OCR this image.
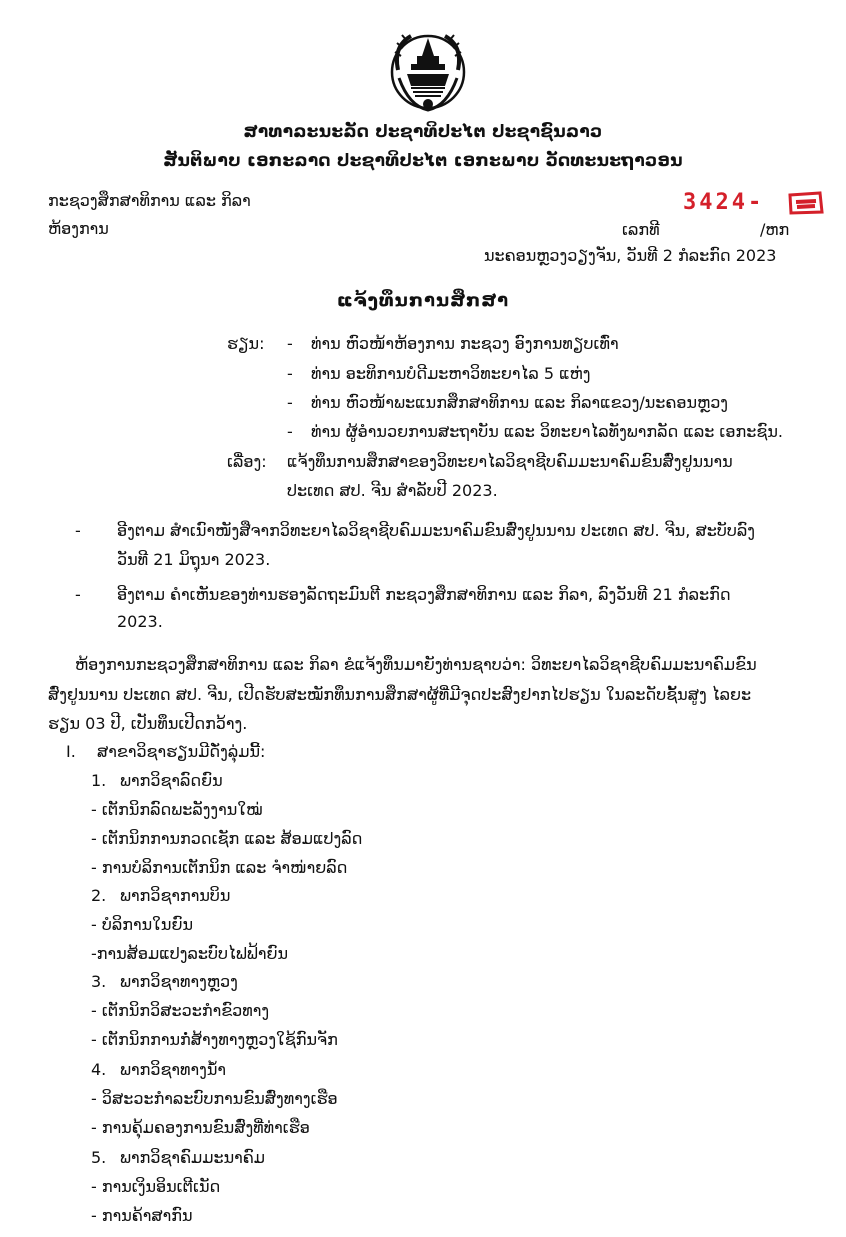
ສາທາລະນະລັດ ປະຊາທິປະໄຕ ປະຊາຊົນລາວ
ສັນຕິພາບ ເອກະລາດ ປະຊາທິປະໄຕ ເອກະພາບ ວັດທະນະຖາວອນ
ກະຊວງສຶກສາທິການ ແລະ ກິລາ
ຫ້ອງການ	ເລກທີ
3424-
/ຫກ
ນະຄອນຫຼວງວຽງຈັນ, ວັນທີ 2 ກໍລະກົດ 2023
ແຈ້ງທຶນການສຶກສາ
ຮຽນ: - ທ່ານ ຫົວໜ້າຫ້ອງການ ກະຊວງ ອົງການທຽບເທົ່າ
- ທ່ານ ອະທິການບໍດີມະຫາວິທະຍາໄລ 5 ແຫ່ງ
- ທ່ານ ຫົວໜ້າພະແນກສຶກສາທິການ ແລະ ກິລາແຂວງ/ນະຄອນຫຼວງ
- ທ່ານ ຜູ້ອຳນວຍການສະຖາບັນ ແລະ ວິທະຍາໄລທັງພາກລັດ ແລະ ເອກະຊົນ.
ເລື່ອງ: ແຈ້ງທຶນການສຶກສາຂອງວິທະຍາໄລວິຊາຊີບຄົມມະນາຄົມຂົນສົ່ງຢູນນານ
ປະເທດ ສປ. ຈີນ ສຳລັບປີ 2023.
- ອີງຕາມ ສຳເນົາໜັງສືຈາກວິທະຍາໄລວິຊາຊີບຄົມມະນາຄົມຂົນສົ່ງຢູນນານ ປະເທດ ສປ. ຈີນ, ສະບັບລົງ
ວັນທີ 21 ມິຖຸນາ 2023.
- ອີງຕາມ ຄຳເຫັນຂອງທ່ານຮອງລັດຖະມົນຕີ ກະຊວງສຶກສາທິການ ແລະ ກິລາ, ລົງວັນທີ 21 ກໍລະກົດ
2023.
ຫ້ອງການກະຊວງສຶກສາທິການ ແລະ ກິລາ ຂໍແຈ້ງທຶນມາຍັງທ່ານຊາບວ່າ: ວິທະຍາໄລວິຊາຊີບຄົມມະນາຄົມຂົນ
ສົ່ງຢູນນານ ປະເທດ ສປ. ຈີນ, ເປີດຮັບສະໝັກທຶນການສຶກສາຜູ້ທີ່ມີຈຸດປະສົງຢາກໄປຮຽນ ໃນລະດັບຊັ້ນສູງ ໄລຍະ
ຮຽນ 03 ປີ, ເປັນທຶນເປີດກວ້າງ.
I. ສາຂາວິຊາຮຽນມີດັ່ງລຸ່ມນີ້:
1. ພາກວິຊາລົດຍົນ
- ເຕັກນິກລົດພະລັງງານໃໝ່
- ເຕັກນິກການກວດເຊັກ ແລະ ສ້ອມແປງລົດ
- ການບໍລິການເຕັກນິກ ແລະ ຈຳໜ່າຍລົດ
2. ພາກວິຊາການບິນ
- ບໍລິການໃນຍົນ
-ການສ້ອມແປງລະບົບໄຟຟ້າຍົນ
3. ພາກວິຊາທາງຫຼວງ
- ເຕັກນິກວິສະວະກຳຂົວທາງ
- ເຕັກນິກການກໍ່ສ້າງທາງຫຼວງໃຊ້ກົນຈັກ
4. ພາກວິຊາທາງນ້ຳ
- ວິສະວະກຳລະບົບການຂົນສົ່ງທາງເຮືອ
- ການຄຸ້ມຄອງການຂົນສົ່ງທີ່ທ່າເຮືອ
5. ພາກວິຊາຄົມມະນາຄົມ
- ການເງິນອິນເຕີເນັດ
- ການຄ້າສາກົນ
